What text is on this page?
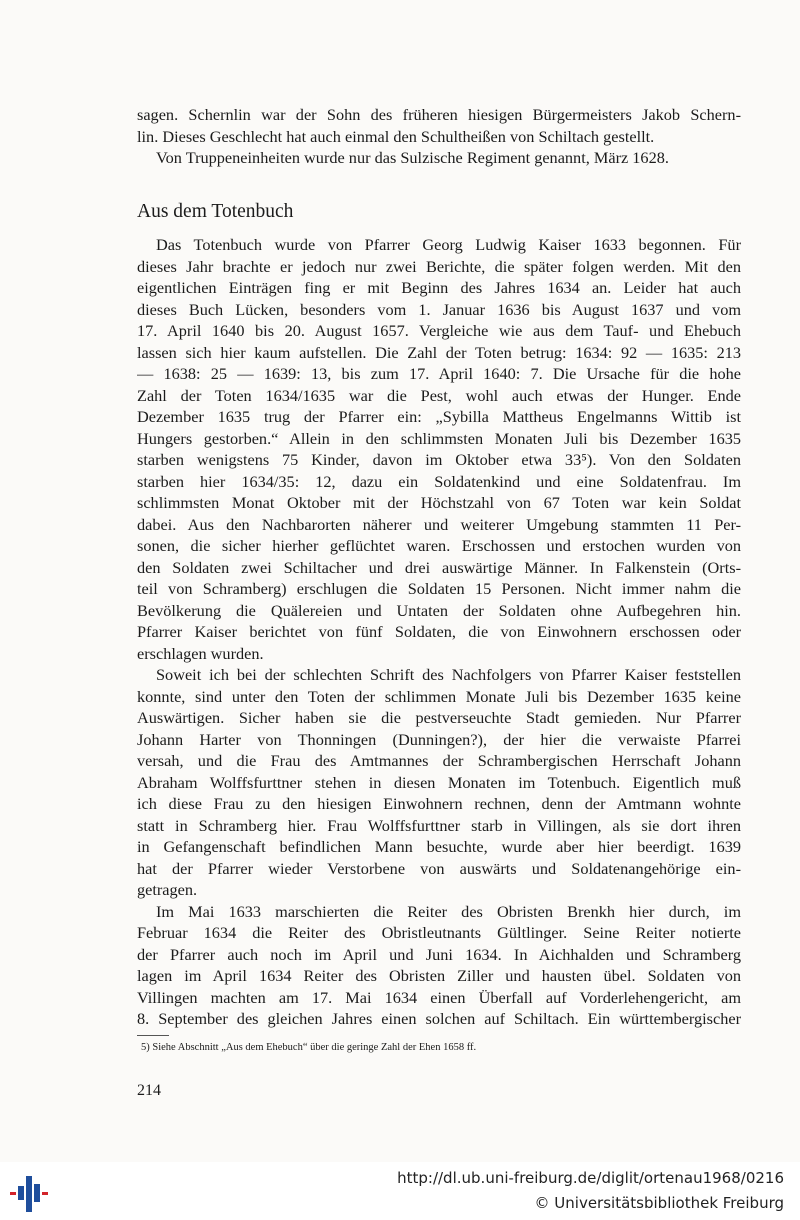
sagen. Schernlin war der Sohn des früheren hiesigen Bürgermeisters Jakob Schern-
lin. Dieses Geschlecht hat auch einmal den Schultheißen von Schiltach gestellt.
Von Truppeneinheiten wurde nur das Sulzische Regiment genannt, März 1628.
Aus dem Totenbuch
Das Totenbuch wurde von Pfarrer Georg Ludwig Kaiser 1633 begonnen. Für
dieses Jahr brachte er jedoch nur zwei Berichte, die später folgen werden. Mit den
eigentlichen Einträgen fing er mit Beginn des Jahres 1634 an. Leider hat auch
dieses Buch Lücken, besonders vom 1. Januar 1636 bis August 1637 und vom
17. April 1640 bis 20. August 1657. Vergleiche wie aus dem Tauf- und Ehebuch
lassen sich hier kaum aufstellen. Die Zahl der Toten betrug: 1634: 92 — 1635: 213
— 1638: 25 — 1639: 13, bis zum 17. April 1640: 7. Die Ursache für die hohe
Zahl der Toten 1634/1635 war die Pest, wohl auch etwas der Hunger. Ende
Dezember 1635 trug der Pfarrer ein: „Sybilla Mattheus Engelmanns Wittib ist
Hungers gestorben.“ Allein in den schlimmsten Monaten Juli bis Dezember 1635
starben wenigstens 75 Kinder, davon im Oktober etwa 33⁵). Von den Soldaten
starben hier 1634/35: 12, dazu ein Soldatenkind und eine Soldatenfrau. Im
schlimmsten Monat Oktober mit der Höchstzahl von 67 Toten war kein Soldat
dabei. Aus den Nachbarorten näherer und weiterer Umgebung stammten 11 Per-
sonen, die sicher hierher geflüchtet waren. Erschossen und erstochen wurden von
den Soldaten zwei Schiltacher und drei auswärtige Männer. In Falkenstein (Orts-
teil von Schramberg) erschlugen die Soldaten 15 Personen. Nicht immer nahm die
Bevölkerung die Quälereien und Untaten der Soldaten ohne Aufbegehren hin.
Pfarrer Kaiser berichtet von fünf Soldaten, die von Einwohnern erschossen oder
erschlagen wurden.
Soweit ich bei der schlechten Schrift des Nachfolgers von Pfarrer Kaiser feststellen
konnte, sind unter den Toten der schlimmen Monate Juli bis Dezember 1635 keine
Auswärtigen. Sicher haben sie die pestverseuchte Stadt gemieden. Nur Pfarrer
Johann Harter von Thonningen (Dunningen?), der hier die verwaiste Pfarrei
versah, und die Frau des Amtmannes der Schrambergischen Herrschaft Johann
Abraham Wolffsfurttner stehen in diesen Monaten im Totenbuch. Eigentlich muß
ich diese Frau zu den hiesigen Einwohnern rechnen, denn der Amtmann wohnte
statt in Schramberg hier. Frau Wolffsfurttner starb in Villingen, als sie dort ihren
in Gefangenschaft befindlichen Mann besuchte, wurde aber hier beerdigt. 1639
hat der Pfarrer wieder Verstorbene von auswärts und Soldatenangehörige ein-
getragen.
Im Mai 1633 marschierten die Reiter des Obristen Brenkh hier durch, im
Februar 1634 die Reiter des Obristleutnants Gültlinger. Seine Reiter notierte
der Pfarrer auch noch im April und Juni 1634. In Aichhalden und Schramberg
lagen im April 1634 Reiter des Obristen Ziller und hausten übel. Soldaten von
Villingen machten am 17. Mai 1634 einen Überfall auf Vorderlehengericht, am
8. September des gleichen Jahres einen solchen auf Schiltach. Ein württembergischer
5) Siehe Abschnitt „Aus dem Ehebuch“ über die geringe Zahl der Ehen 1658 ff.
214
http://dl.ub.uni-freiburg.de/diglit/ortenau1968/0216
© Universitätsbibliothek Freiburg
